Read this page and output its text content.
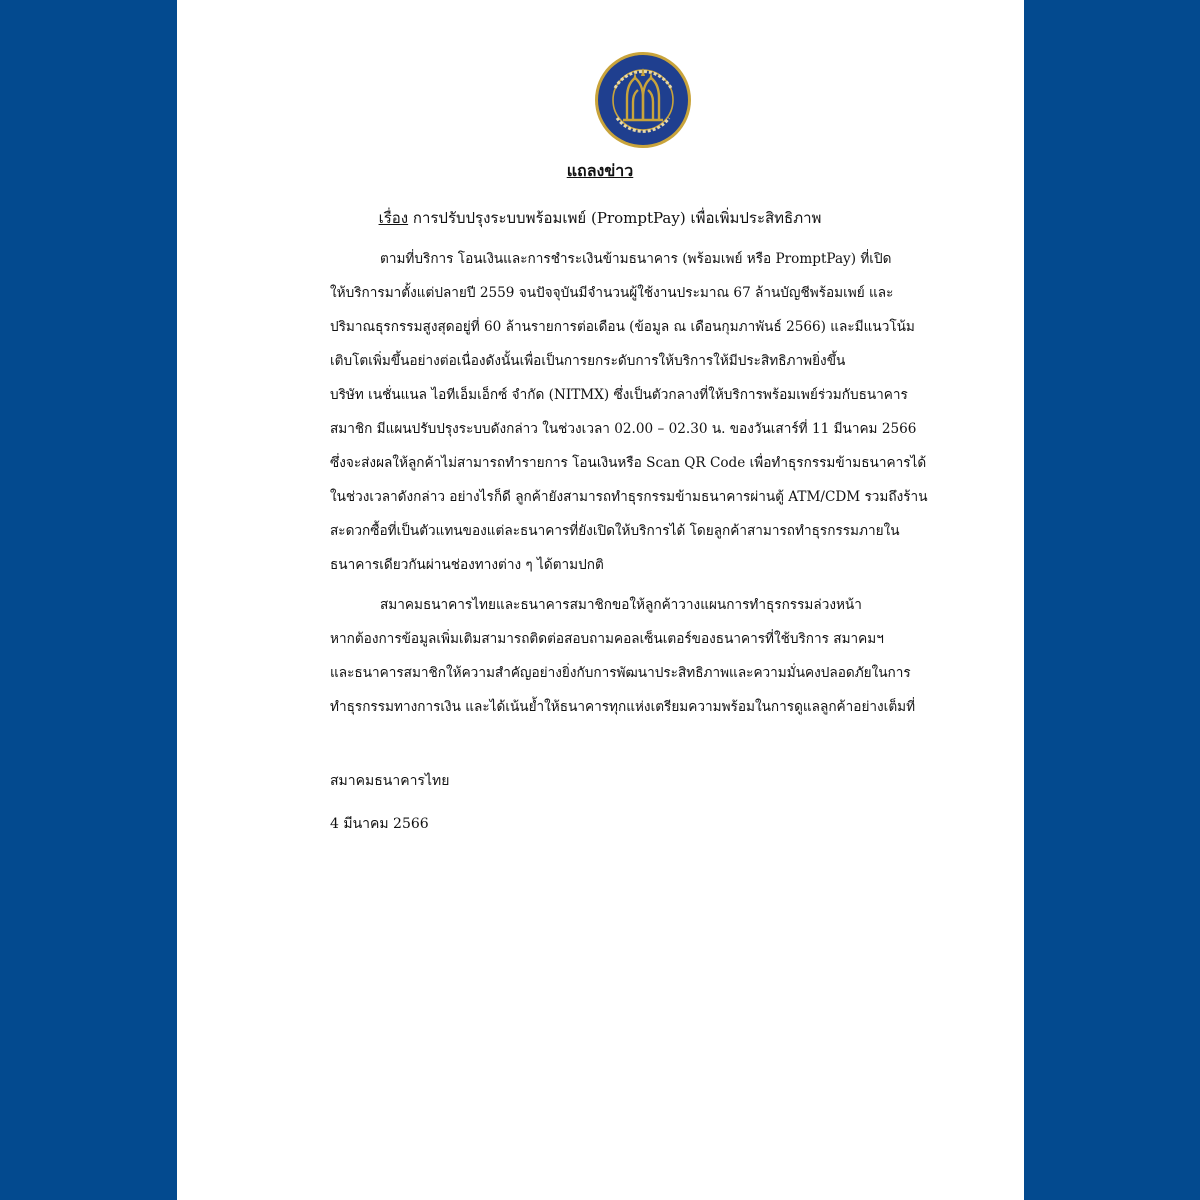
แถลงข่าว
เรื่อง การปรับปรุงระบบพร้อมเพย์ (PromptPay) เพื่อเพิ่มประสิทธิภาพ
ตามที่บริการ โอนเงินและการชำระเงินข้ามธนาคาร (พร้อมเพย์ หรือ PromptPay) ที่เปิด
ให้บริการมาตั้งแต่ปลายปี 2559 จนปัจจุบันมีจำนวนผู้ใช้งานประมาณ 67 ล้านบัญชีพร้อมเพย์ และ
ปริมาณธุรกรรมสูงสุดอยู่ที่ 60 ล้านรายการต่อเดือน (ข้อมูล ณ เดือนกุมภาพันธ์ 2566) และมีแนวโน้ม
เติบโตเพิ่มขึ้นอย่างต่อเนื่องดังนั้นเพื่อเป็นการยกระดับการให้บริการให้มีประสิทธิภาพยิ่งขึ้น
บริษัท เนชั่นแนล ไอทีเอ็มเอ็กซ์ จำกัด (NITMX) ซึ่งเป็นตัวกลางที่ให้บริการพร้อมเพย์ร่วมกับธนาคาร
สมาชิก มีแผนปรับปรุงระบบดังกล่าว ในช่วงเวลา 02.00 – 02.30 น. ของวันเสาร์ที่ 11 มีนาคม 2566
ซึ่งจะส่งผลให้ลูกค้าไม่สามารถทำรายการ โอนเงินหรือ Scan QR Code เพื่อทำธุรกรรมข้ามธนาคารได้
ในช่วงเวลาดังกล่าว อย่างไรก็ดี ลูกค้ายังสามารถทำธุรกรรมข้ามธนาคารผ่านตู้ ATM/CDM รวมถึงร้าน
สะดวกซื้อที่เป็นตัวแทนของแต่ละธนาคารที่ยังเปิดให้บริการได้ โดยลูกค้าสามารถทำธุรกรรมภายใน
ธนาคารเดียวกันผ่านช่องทางต่าง ๆ ได้ตามปกติ
สมาคมธนาคารไทยและธนาคารสมาชิกขอให้ลูกค้าวางแผนการทำธุรกรรมล่วงหน้า
หากต้องการข้อมูลเพิ่มเติมสามารถติดต่อสอบถามคอลเซ็นเตอร์ของธนาคารที่ใช้บริการ สมาคมฯ
และธนาคารสมาชิกให้ความสำคัญอย่างยิ่งกับการพัฒนาประสิทธิภาพและความมั่นคงปลอดภัยในการ
ทำธุรกรรมทางการเงิน และได้เน้นย้ำให้ธนาคารทุกแห่งเตรียมความพร้อมในการดูแลลูกค้าอย่างเต็มที่
สมาคมธนาคารไทย
4 มีนาคม 2566
